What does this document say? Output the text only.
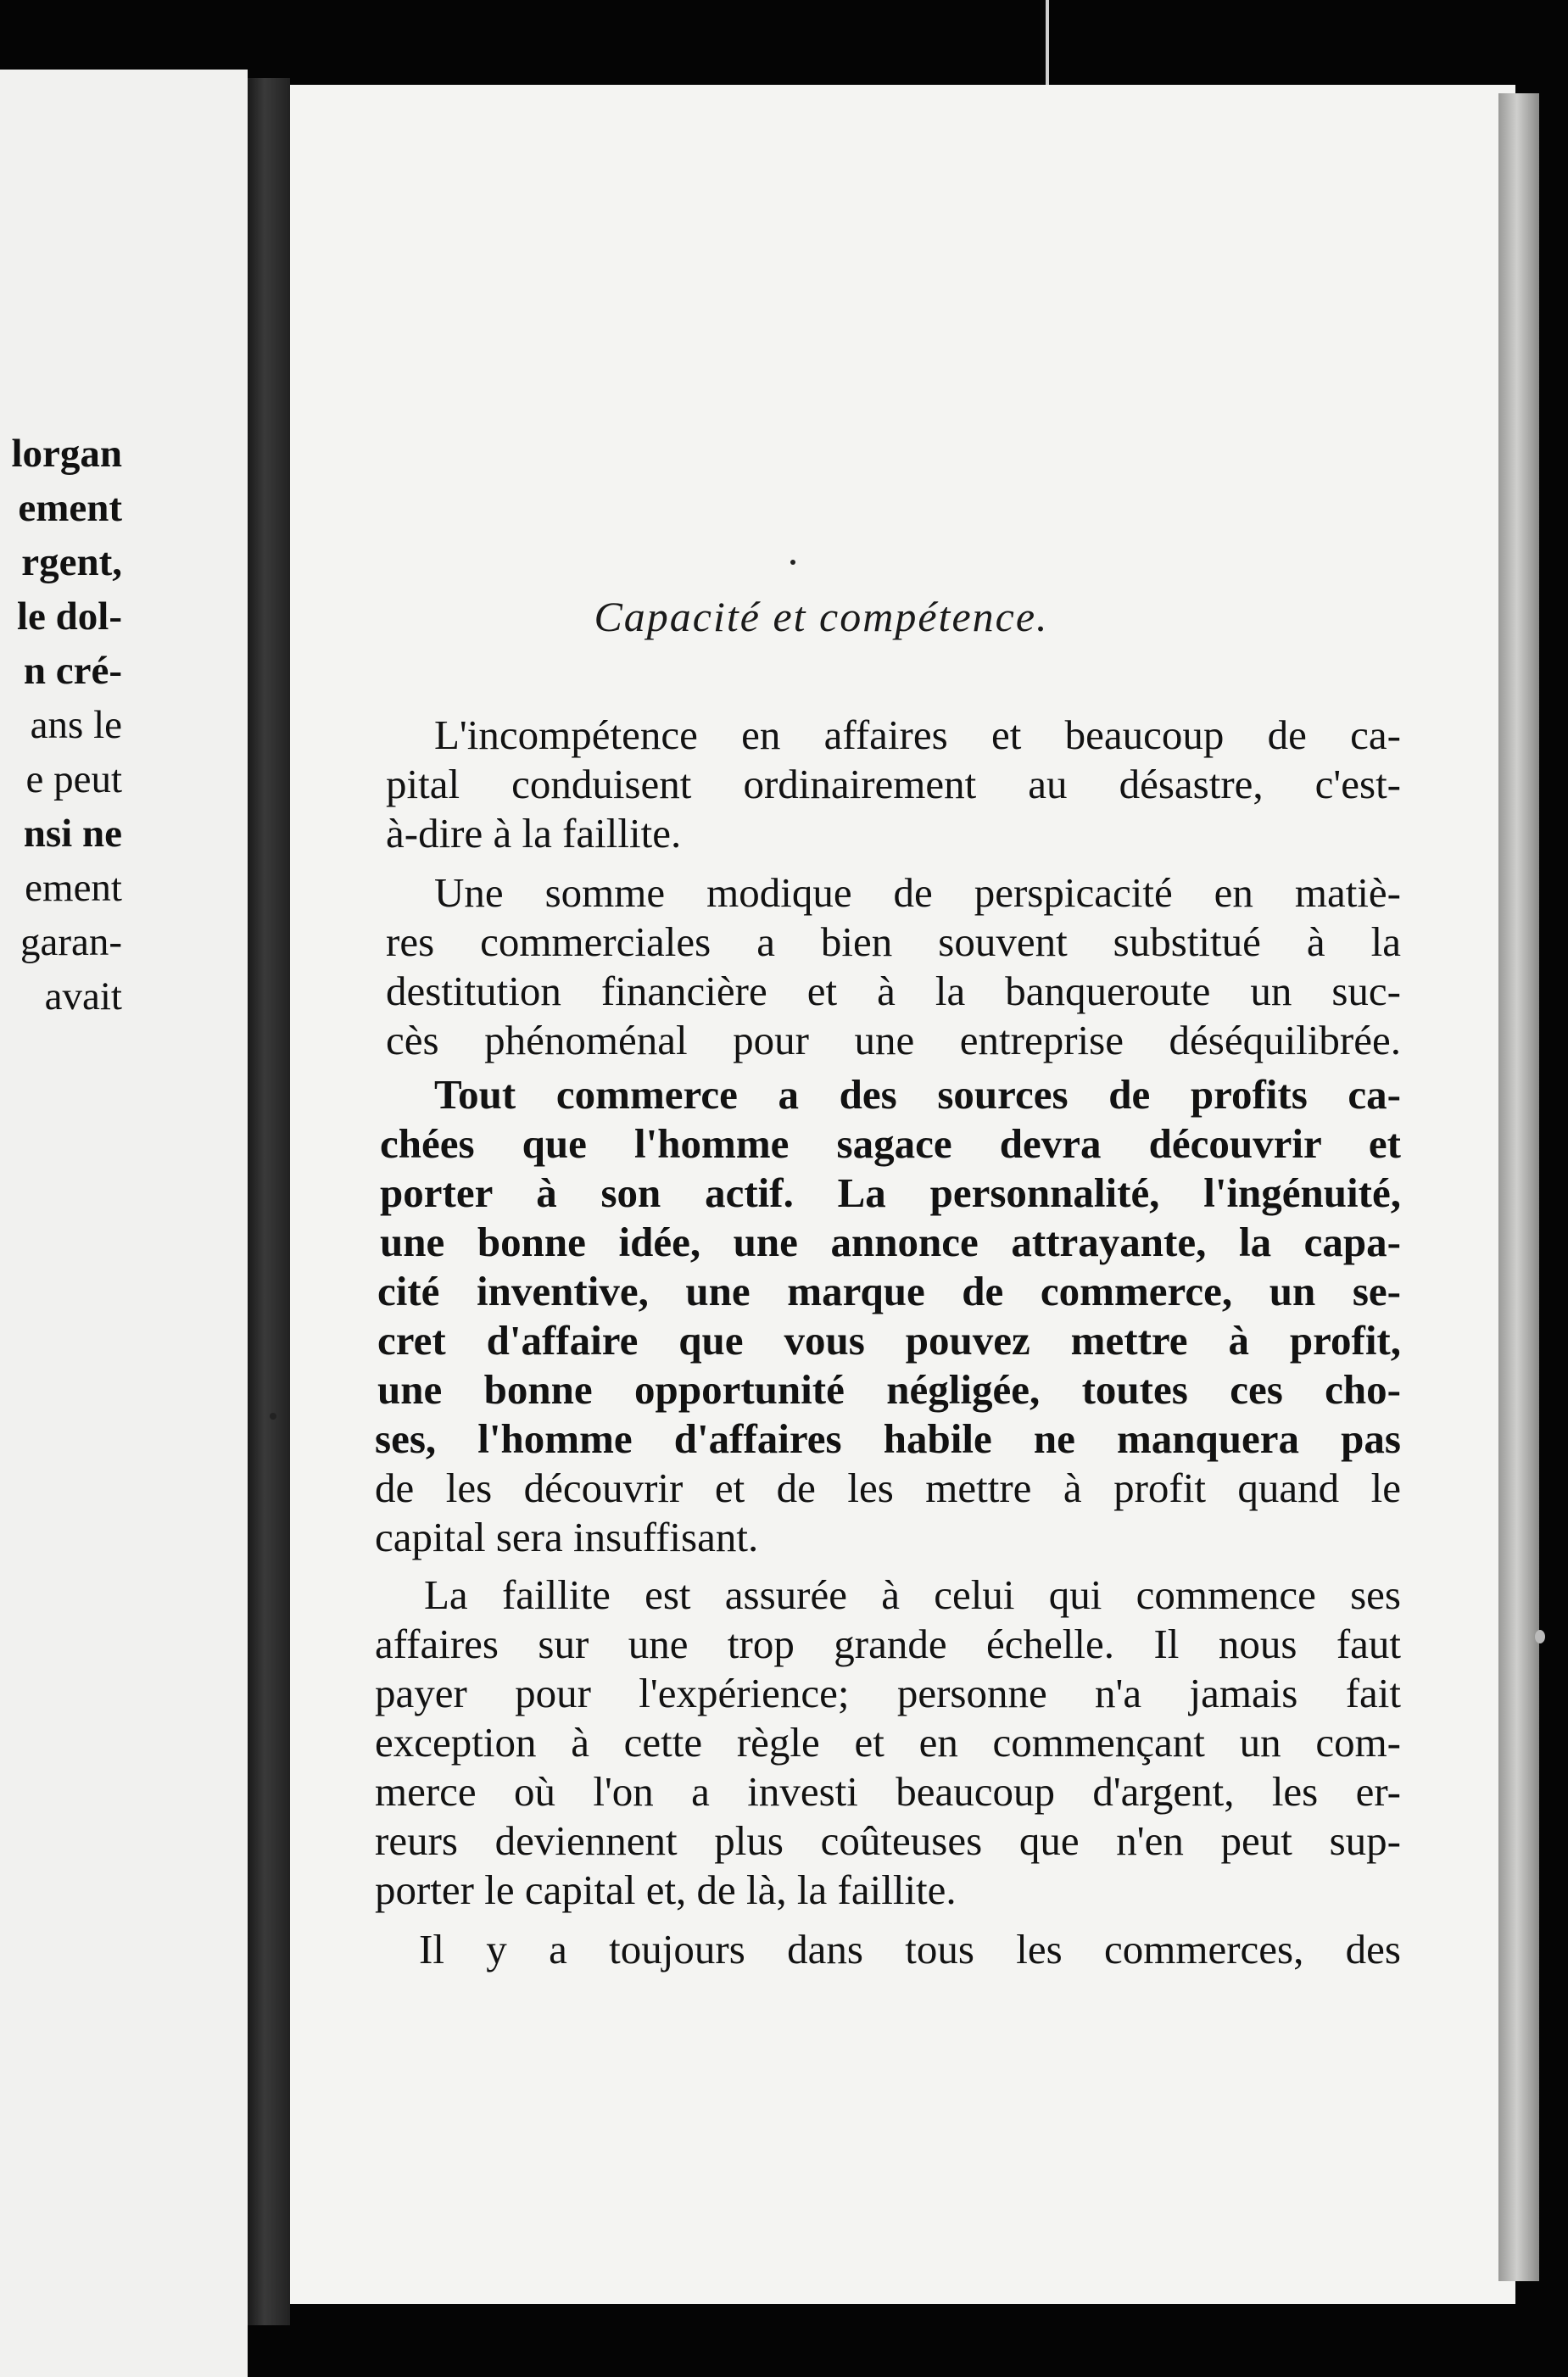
lorgan
ement
rgent,
le dol-
n cré-
ans le
e peut
nsi ne
ement
garan-
avait
Capacité et compétence.
L'incompétence en affaires et beaucoup de ca-
pital conduisent ordinairement au désastre, c'est-
à-dire à la faillite.
Une somme modique de perspicacité en matiè-
res commerciales a bien souvent substitué à la
destitution financière et à la banqueroute un suc-
cès phénoménal pour une entreprise déséquilibrée.
Tout commerce a des sources de profits ca-
chées que l'homme sagace devra découvrir et
porter à son actif. La personnalité, l'ingénuité,
une bonne idée, une annonce attrayante, la capa-
cité inventive, une marque de commerce, un se-
cret d'affaire que vous pouvez mettre à profit,
une bonne opportunité négligée, toutes ces cho-
ses, l'homme d'affaires habile ne manquera pas
de les découvrir et de les mettre à profit quand le
capital sera insuffisant.
La faillite est assurée à celui qui commence ses
affaires sur une trop grande échelle. Il nous faut
payer pour l'expérience; personne n'a jamais fait
exception à cette règle et en commençant un com-
merce où l'on a investi beaucoup d'argent, les er-
reurs deviennent plus coûteuses que n'en peut sup-
porter le capital et, de là, la faillite.
Il y a toujours dans tous les commerces, des
